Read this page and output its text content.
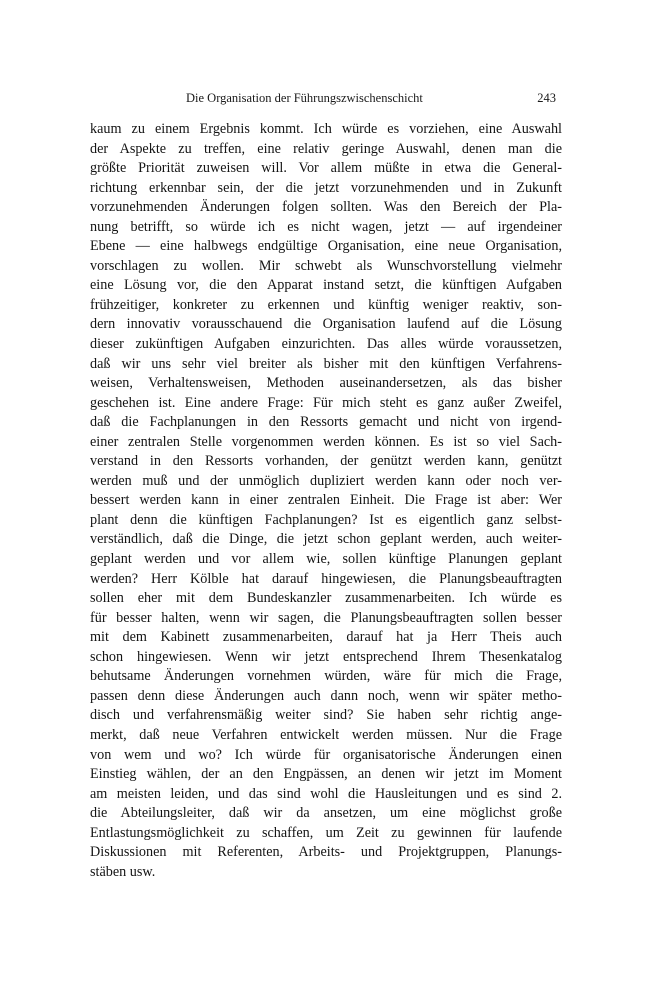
Die Organisation der Führungszwischenschicht	243
kaum zu einem Ergebnis kommt. Ich würde es vorziehen, eine Auswahl
der Aspekte zu treffen, eine relativ geringe Auswahl, denen man die
größte Priorität zuweisen will. Vor allem müßte in etwa die General-
richtung erkennbar sein, der die jetzt vorzunehmenden und in Zukunft
vorzunehmenden Änderungen folgen sollten. Was den Bereich der Pla-
nung betrifft, so würde ich es nicht wagen, jetzt — auf irgendeiner
Ebene — eine halbwegs endgültige Organisation, eine neue Organisation,
vorschlagen zu wollen. Mir schwebt als Wunschvorstellung vielmehr
eine Lösung vor, die den Apparat instand setzt, die künftigen Aufgaben
frühzeitiger, konkreter zu erkennen und künftig weniger reaktiv, son-
dern innovativ vorausschauend die Organisation laufend auf die Lösung
dieser zukünftigen Aufgaben einzurichten. Das alles würde voraussetzen,
daß wir uns sehr viel breiter als bisher mit den künftigen Verfahrens-
weisen, Verhaltensweisen, Methoden auseinandersetzen, als das bisher
geschehen ist. Eine andere Frage: Für mich steht es ganz außer Zweifel,
daß die Fachplanungen in den Ressorts gemacht und nicht von irgend-
einer zentralen Stelle vorgenommen werden können. Es ist so viel Sach-
verstand in den Ressorts vorhanden, der genützt werden kann, genützt
werden muß und der unmöglich dupliziert werden kann oder noch ver-
bessert werden kann in einer zentralen Einheit. Die Frage ist aber: Wer
plant denn die künftigen Fachplanungen? Ist es eigentlich ganz selbst-
verständlich, daß die Dinge, die jetzt schon geplant werden, auch weiter-
geplant werden und vor allem wie, sollen künftige Planungen geplant
werden? Herr Kölble hat darauf hingewiesen, die Planungsbeauftragten
sollen eher mit dem Bundeskanzler zusammenarbeiten. Ich würde es
für besser halten, wenn wir sagen, die Planungsbeauftragten sollen besser
mit dem Kabinett zusammenarbeiten, darauf hat ja Herr Theis auch
schon hingewiesen. Wenn wir jetzt entsprechend Ihrem Thesenkatalog
behutsame Änderungen vornehmen würden, wäre für mich die Frage,
passen denn diese Änderungen auch dann noch, wenn wir später metho-
disch und verfahrensmäßig weiter sind? Sie haben sehr richtig ange-
merkt, daß neue Verfahren entwickelt werden müssen. Nur die Frage
von wem und wo? Ich würde für organisatorische Änderungen einen
Einstieg wählen, der an den Engpässen, an denen wir jetzt im Moment
am meisten leiden, und das sind wohl die Hausleitungen und es sind 2.
die Abteilungsleiter, daß wir da ansetzen, um eine möglichst große
Entlastungsmöglichkeit zu schaffen, um Zeit zu gewinnen für laufende
Diskussionen mit Referenten, Arbeits- und Projektgruppen, Planungs-
stäben usw.
